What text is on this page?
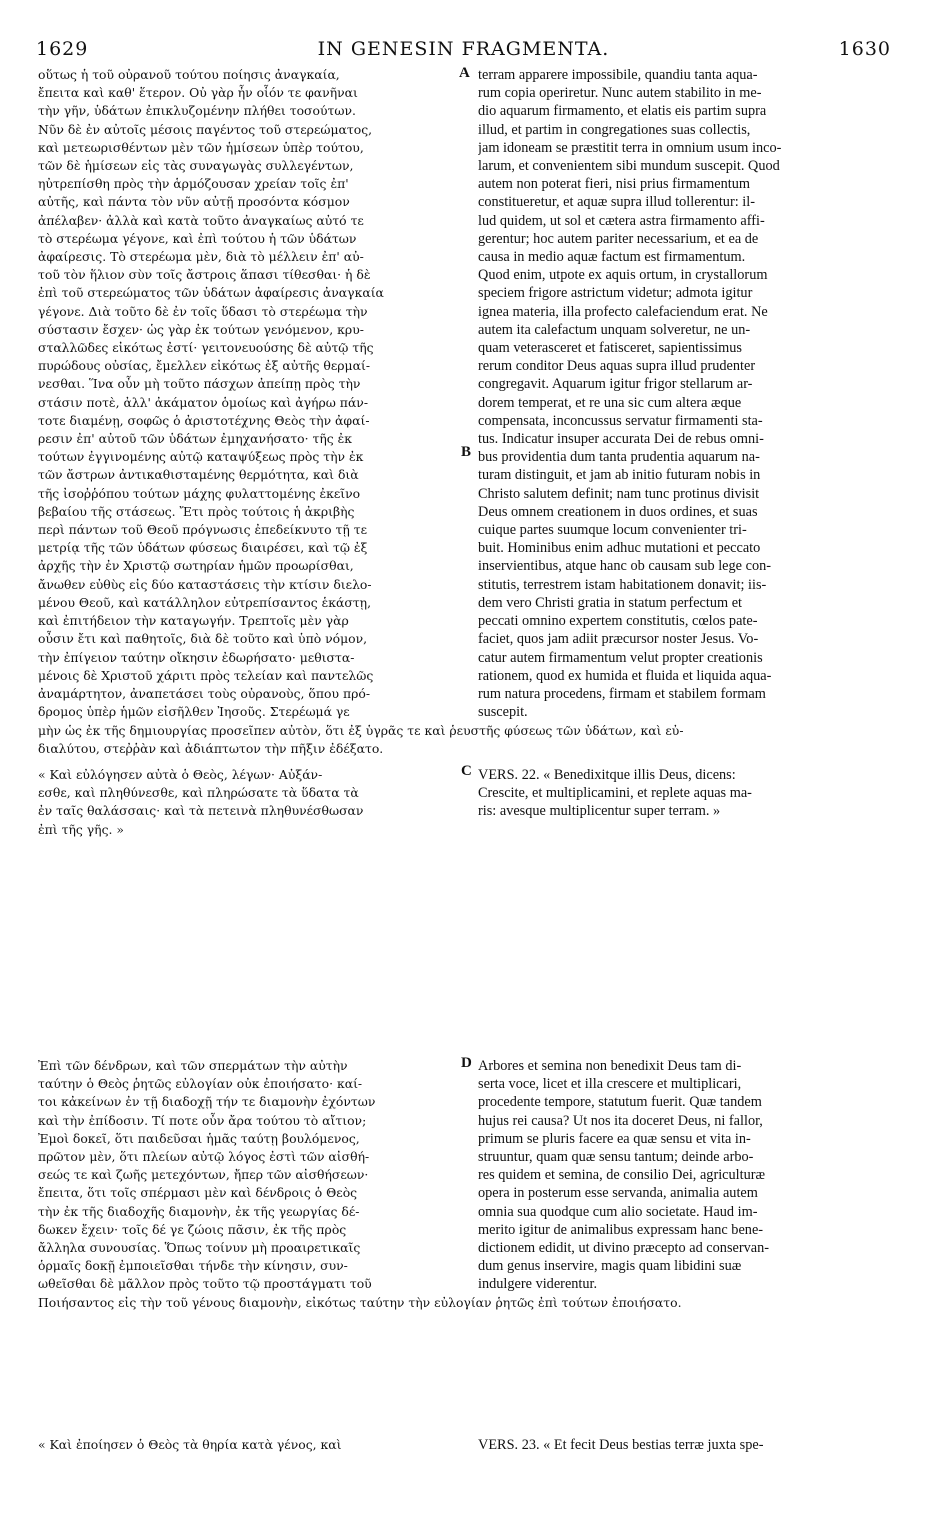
1629	IN GENESIN FRAGMENTA.	1630
A
B
C
D
οὕτως ἡ τοῦ οὐρανοῦ τούτου ποίησις ἀναγκαία,
ἔπειτα καὶ καθ' ἕτερον. Οὐ γὰρ ἦν οἷόν τε φανῆναι
τὴν γῆν, ὑδάτων ἐπικλυζομένην πλήθει τοσούτων.
Νῦν δὲ ἐν αὐτοῖς μέσοις παγέντος τοῦ στερεώματος,
καὶ μετεωρισθέντων μὲν τῶν ἡμίσεων ὑπὲρ τούτου,
τῶν δὲ ἡμίσεων εἰς τὰς συναγωγὰς συλλεγέντων,
ηὐτρεπίσθη πρὸς τὴν ἁρμόζουσαν χρείαν τοῖς ἐπ'
αὐτῆς, καὶ πάντα τὸν νῦν αὐτῇ προσόντα κόσμον
ἀπέλαβεν· ἀλλὰ καὶ κατὰ τοῦτο ἀναγκαίως αὐτό τε
τὸ στερέωμα γέγονε, καὶ ἐπὶ τούτου ἡ τῶν ὑδάτων
ἀφαίρεσις. Τὸ στερέωμα μὲν, διὰ τὸ μέλλειν ἐπ' αὐ-
τοῦ τὸν ἥλιον σὺν τοῖς ἄστροις ἅπασι τίθεσθαι· ἡ δὲ
ἐπὶ τοῦ στερεώματος τῶν ὑδάτων ἀφαίρεσις ἀναγκαία
γέγονε. Διὰ τοῦτο δὲ ἐν τοῖς ὕδασι τὸ στερέωμα τὴν
σύστασιν ἔσχεν· ὡς γὰρ ἐκ τούτων γενόμενον, κρυ-
σταλλῶδες εἰκότως ἐστί· γειτονευούσης δὲ αὐτῷ τῆς
πυρώδους οὐσίας, ἔμελλεν εἰκότως ἐξ αὐτῆς θερμαί-
νεσθαι. Ἵνα οὖν μὴ τοῦτο πάσχων ἀπείπῃ πρὸς τὴν
στάσιν ποτὲ, ἀλλ' ἀκάματον ὁμοίως καὶ ἀγήρω πάν-
τοτε διαμένῃ, σοφῶς ὁ ἀριστοτέχνης Θεὸς τὴν ἀφαί-
ρεσιν ἐπ' αὐτοῦ τῶν ὑδάτων ἐμηχανήσατο· τῆς ἐκ
τούτων ἐγγινομένης αὐτῷ καταψύξεως πρὸς τὴν ἐκ
τῶν ἄστρων ἀντικαθισταμένης θερμότητα, καὶ διὰ
τῆς ἰσοῤῥόπου τούτων μάχης φυλαττομένης ἐκεῖνο
βεβαίου τῆς στάσεως. Ἔτι πρὸς τούτοις ἡ ἀκριβὴς
περὶ πάντων τοῦ Θεοῦ πρόγνωσις ἐπεδείκνυτο τῇ τε
μετρίᾳ τῆς τῶν ὑδάτων φύσεως διαιρέσει, καὶ τῷ ἐξ
ἀρχῆς τὴν ἐν Χριστῷ σωτηρίαν ἡμῶν προωρίσθαι,
ἄνωθεν εὐθὺς εἰς δύο καταστάσεις τὴν κτίσιν διελο-
μένου Θεοῦ, καὶ κατάλληλον εὐτρεπίσαντος ἑκάστῃ,
καὶ ἐπιτήδειον τὴν καταγωγήν. Τρεπτοῖς μὲν γὰρ
οὖσιν ἔτι καὶ παθητοῖς, διὰ δὲ τοῦτο καὶ ὑπὸ νόμον,
τὴν ἐπίγειον ταύτην οἴκησιν ἐδωρήσατο· μεθιστα-
μένοις δὲ Χριστοῦ χάριτι πρὸς τελείαν καὶ παντελῶς
ἀναμάρτητον, ἀναπετάσει τοὺς οὐρανοὺς, ὅπου πρό-
δρομος ὑπὲρ ἡμῶν εἰσῆλθεν Ἰησοῦς. Στερέωμά γε
terram apparere impossibile, quandiu tanta aqua-
rum copia operiretur. Nunc autem stabilito in me-
dio aquarum firmamento, et elatis eis partim supra
illud, et partim in congregationes suas collectis,
jam idoneam se præstitit terra in omnium usum inco-
larum, et convenientem sibi mundum suscepit. Quod
autem non poterat fieri, nisi prius firmamentum
constitueretur, et aquæ supra illud tollerentur: il-
lud quidem, ut sol et cætera astra firmamento affi-
gerentur; hoc autem pariter necessarium, et ea de
causa in medio aquæ factum est firmamentum.
Quod enim, utpote ex aquis ortum, in crystallorum
speciem frigore astrictum videtur; admota igitur
ignea materia, illa profecto calefaciendum erat. Ne
autem ita calefactum unquam solveretur, ne un-
quam veterasceret et fatisceret, sapientissimus
rerum conditor Deus aquas supra illud prudenter
congregavit. Aquarum igitur frigor stellarum ar-
dorem temperat, et re una sic cum altera æque
compensata, inconcussus servatur firmamenti sta-
tus. Indicatur insuper accurata Dei de rebus omni-
bus providentia dum tanta prudentia aquarum na-
turam distinguit, et jam ab initio futuram nobis in
Christo salutem definit; nam tunc protinus divisit
Deus omnem creationem in duos ordines, et suas
cuique partes suumque locum convenienter tri-
buit. Hominibus enim adhuc mutationi et peccato
inservientibus, atque hanc ob causam sub lege con-
stitutis, terrestrem istam habitationem donavit; iis-
dem vero Christi gratia in statum perfectum et
peccati omnino expertem constitutis, cœlos pate-
faciet, quos jam adiit præcursor noster Jesus. Vo-
catur autem firmamentum velut propter creationis
rationem, quod ex humida et fluida et liquida aqua-
rum natura procedens, firmam et stabilem formam
suscepit.
μὴν ὡς ἐκ τῆς δημιουργίας προσεῖπεν αὐτὸν, ὅτι ἐξ ὑγρᾶς τε καὶ ῥευστῆς φύσεως τῶν ὑδάτων, καὶ εὐ-
διαλύτου, στεῤῥὰν καὶ ἀδιάπτωτον τὴν πῆξιν ἐδέξατο.
« Καὶ εὐλόγησεν αὐτὰ ὁ Θεὸς, λέγων· Αὐξάν-
εσθε, καὶ πληθύνεσθε, καὶ πληρώσατε τὰ ὕδατα τὰ
ἐν ταῖς θαλάσσαις· καὶ τὰ πετεινὰ πληθυνέσθωσαν
ἐπὶ τῆς γῆς. »
VERS. 22. « Benedixitque illis Deus, dicens:
Crescite, et multiplicamini, et replete aquas ma-
ris: avesque multiplicentur super terram. »
Ἐπὶ τῶν δένδρων, καὶ τῶν σπερμάτων τὴν αὐτὴν
ταύτην ὁ Θεὸς ῥητῶς εὐλογίαν οὐκ ἐποιήσατο· καί-
τοι κἀκείνων ἐν τῇ διαδοχῇ τήν τε διαμονὴν ἐχόντων
καὶ τὴν ἐπίδοσιν. Τί ποτε οὖν ἄρα τούτου τὸ αἴτιον;
Ἐμοὶ δοκεῖ, ὅτι παιδεῦσαι ἡμᾶς ταύτῃ βουλόμενος,
πρῶτον μὲν, ὅτι πλείων αὐτῷ λόγος ἐστὶ τῶν αἰσθή-
σεώς τε καὶ ζωῆς μετεχόντων, ἤπερ τῶν αἰσθήσεων·
ἔπειτα, ὅτι τοῖς σπέρμασι μὲν καὶ δένδροις ὁ Θεὸς
τὴν ἐκ τῆς διαδοχῆς διαμονὴν, ἐκ τῆς γεωργίας δέ-
δωκεν ἔχειν· τοῖς δέ γε ζώοις πᾶσιν, ἐκ τῆς πρὸς
ἄλληλα συνουσίας. Ὅπως τοίνυν μὴ προαιρετικαῖς
ὁρμαῖς δοκῇ ἐμποιεῖσθαι τήνδε τὴν κίνησιν, συν-
ωθεῖσθαι δὲ μᾶλλον πρὸς τοῦτο τῷ προστάγματι τοῦ
Arbores et semina non benedixit Deus tam di-
serta voce, licet et illa crescere et multiplicari,
procedente tempore, statutum fuerit. Quæ tandem
hujus rei causa? Ut nos ita doceret Deus, ni fallor,
primum se pluris facere ea quæ sensu et vita in-
struuntur, quam quæ sensu tantum; deinde arbo-
res quidem et semina, de consilio Dei, agriculturæ
opera in posterum esse servanda, animalia autem
omnia sua quodque cum alio societate. Haud im-
merito igitur de animalibus expressam hanc bene-
dictionem edidit, ut divino præcepto ad conservan-
dum genus inservire, magis quam libidini suæ
indulgere viderentur.
Ποιήσαντος εἰς τὴν τοῦ γένους διαμονὴν, εἰκότως ταύτην τὴν εὐλογίαν ῥητῶς ἐπὶ τούτων ἐποιήσατο.
« Καὶ ἐποίησεν ὁ Θεὸς τὰ θηρία κατὰ γένος, καὶ	VERS. 23. « Et fecit Deus bestias terræ juxta spe-
